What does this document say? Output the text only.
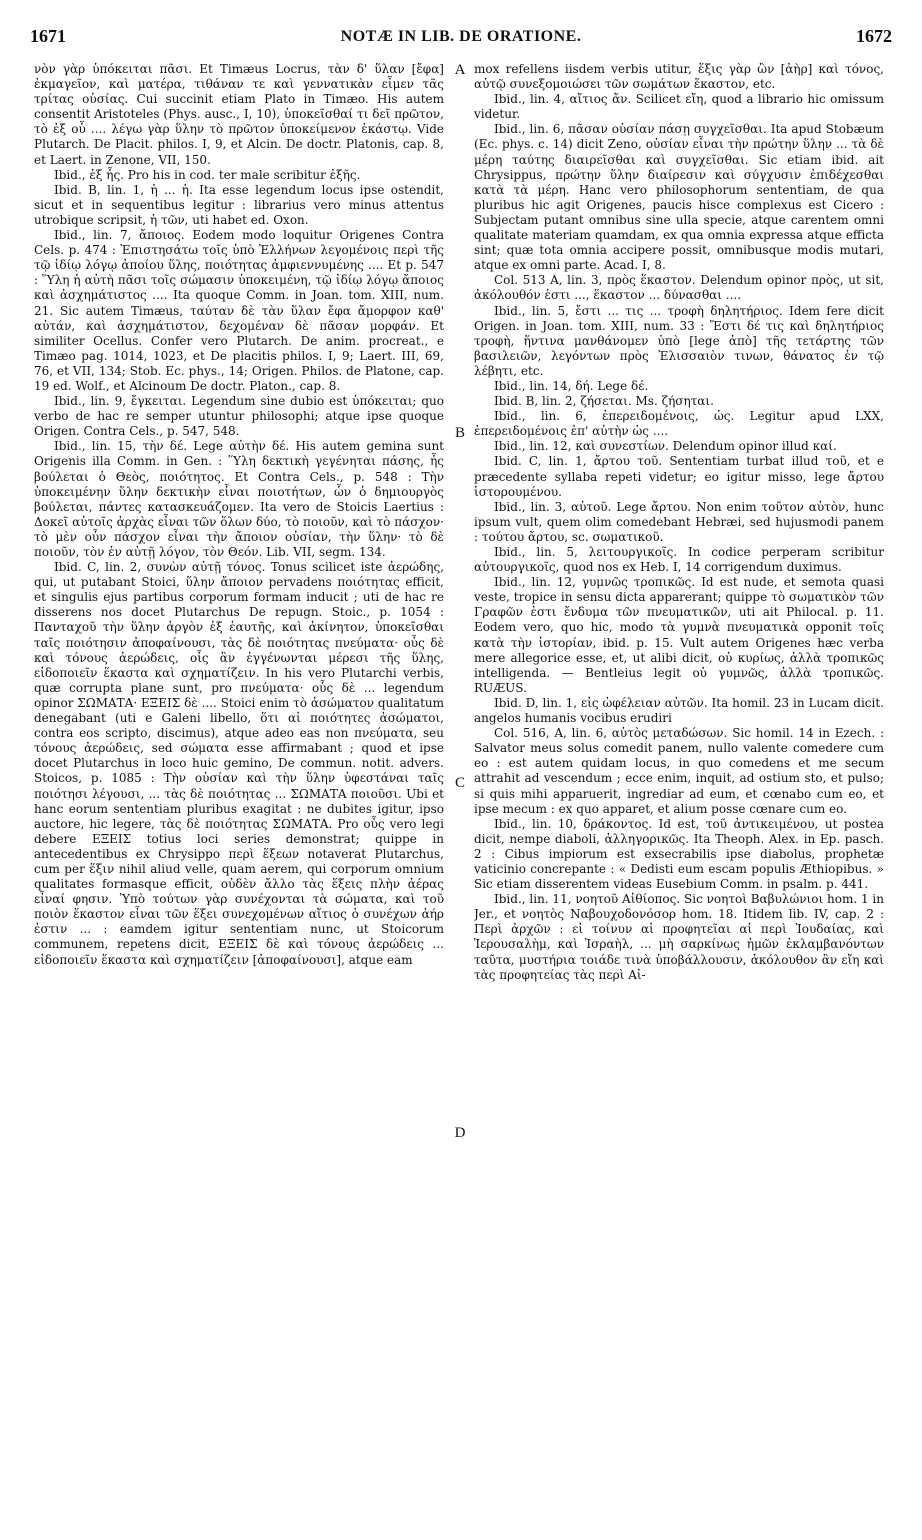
1671	NOTÆ IN LIB. DE ORATIONE.	1672

νὸν γὰρ ὑπόκειται πᾶσι. Et Timæus Locrus, τὰν δ' ὕλαν [ἔφα] ἐκμαγεῖον, καὶ ματέρα, τιθάναν τε καὶ γεννατικὰν εἶμεν τᾶς τρίτας οὐσίας. Cui succinit etiam Plato in Timæo. His autem consentit Aristoteles (Phys. ausc., I, 10), ὑποκεῖσθαί τι δεῖ πρῶτον, τὸ ἐξ οὗ .... λέγω γὰρ ὕλην τὸ πρῶτον ὑποκείμενον ἑκάστῳ. Vide Plutarch. De Placit. philos. I, 9, et Alcin. De doctr. Platonis, cap. 8, et Laert. in Zenone, VII, 150.

Ibid., ἐξ ἧς. Pro his in cod. ter male scribitur ἐξῆς.

Ibid. B, lin. 1, ἡ ... ἡ. Ita esse legendum locus ipse ostendit, sicut et in sequentibus legitur : librarius vero minus attentus utrobique scripsit, ἡ τῶν, uti habet ed. Oxon.

Ibid., lin. 7, ἄποιος. Eodem modo loquitur Origenes Contra Cels. p. 474 : Ἐπιστησάτω τοῖς ὑπὸ Ἑλλήνων λεγομένοις περὶ τῆς τῷ ἰδίῳ λόγῳ ἀποίου ὕλης, ποιότητας ἀμφιεννυμένης .... Et p. 547 : Ὕλη ἡ αὐτὴ πᾶσι τοῖς σώμασιν ὑποκειμένη, τῷ ἰδίῳ λόγῳ ἄποιος καὶ ἀσχημάτιστος .... Ita quoque Comm. in Joan. tom. XIII, num. 21. Sic autem Timæus, ταύταν δὲ τὰν ὕλαν ἔφα ἄμορφον καθ' αὑτάν, καὶ ἀσχημάτιστον, δεχομέναν δὲ πᾶσαν μορφάν. Et similiter Ocellus. Confer vero Plutarch. De anim. procreat., e Timæo pag. 1014, 1023, et De placitis philos. I, 9; Laert. III, 69, 76, et VII, 134; Stob. Ec. phys., 14; Origen. Philos. de Platone, cap. 19 ed. Wolf., et Alcinoum De doctr. Platon., cap. 8.

Ibid., lin. 9, ἔγκειται. Legendum sine dubio est ὑπόκειται; quo verbo de hac re semper utuntur philosophi; atque ipse quoque Origen. Contra Cels., p. 547, 548.

Ibid., lin. 15, τὴν δέ. Lege αὐτὴν δέ. His autem gemina sunt Origenis illa Comm. in Gen. : Ὕλη δεκτικὴ γεγένηται πάσης, ἧς βούλεται ὁ Θεὸς, ποιότητος. Et Contra Cels., p. 548 : Τὴν ὑποκειμένην ὕλην δεκτικὴν εἶναι ποιοτήτων, ὧν ὁ δημιουργὸς βούλεται, πάντες κατασκευάζομεν. Ita vero de Stoicis Laertius : Δοκεῖ αὐτοῖς ἀρχὰς εἶναι τῶν ὅλων δύο, τὸ ποιοῦν, καὶ τὸ πάσχον· τὸ μὲν οὖν πάσχον εἶναι τὴν ἄποιον οὐσίαν, τὴν ὕλην· τὸ δὲ ποιοῦν, τὸν ἐν αὐτῇ λόγον, τὸν Θεόν. Lib. VII, segm. 134.

Ibid. C, lin. 2, συνὼν αὐτῇ τόνος. Tonus scilicet iste ἀερώδης, qui, ut putabant Stoici, ὕλην ἄποιον pervadens ποιότητας efficit, et singulis ejus partibus corporum formam inducit ; uti de hac re disserens nos docet Plutarchus De repugn. Stoic., p. 1054 : Πανταχοῦ τὴν ὕλην ἀργὸν ἐξ ἑαυτῆς, καὶ ἀκίνητον, ὑποκεῖσθαι ταῖς ποιότησιν ἀποφαίνουσι, τὰς δὲ ποιότητας πνεύματα· οὗς δὲ καὶ τόνους ἀερώδεις, οἷς ἂν ἐγγένωνται μέρεσι τῆς ὕλης, εἰδοποιεῖν ἕκαστα καὶ σχηματίζειν. In his vero Plutarchi verbis, quæ corrupta plane sunt, pro πνεύματα· οὗς δὲ ... legendum opinor ΣΩΜΑΤΑ· ΕΞΕΙΣ δὲ .... Stoici enim τὸ ἀσώματον qualitatum denegabant (uti e Galeni libello, ὅτι αἱ ποιότητες ἀσώματοι, contra eos scripto, discimus), atque adeo eas non πνεύματα, seu τόνους ἀερώδεις, sed σώματα esse affirmabant ; quod et ipse docet Plutarchus in loco huic gemino, De commun. notit. advers. Stoicos, p. 1085 : Τὴν οὐσίαν καὶ τὴν ὕλην ὑφεστάναι ταῖς ποιότησι λέγουσι, ... τὰς δὲ ποιότητας ... ΣΩΜΑΤΑ ποιοῦσι. Ubi et hanc eorum sententiam pluribus exagitat : ne dubites igitur, ipso auctore, hic legere, τὰς δὲ ποιότητας ΣΩΜΑΤΑ. Pro οὗς vero legi debere ΕΞΕΙΣ totius loci series demonstrat; quippe in antecedentibus ex Chrysippo περὶ ἕξεων notaverat Plutarchus, cum per ἕξιν nihil aliud velle, quam aerem, qui corporum omnium qualitates formasque efficit, οὐδὲν ἄλλο τὰς ἕξεις πλὴν ἀέρας εἶναί φησιν. Ὑπὸ τούτων γὰρ συνέχονται τὰ σώματα, καὶ τοῦ ποιὸν ἕκαστον εἶναι τῶν ἕξει συνεχομένων αἴτιος ὁ συνέχων ἀήρ ἐστιν ... : eamdem igitur sententiam nunc, ut Stoicorum communem, repetens dicit, ΕΞΕΙΣ δὲ καὶ τόνους ἀερώδεις ... εἰδοποιεῖν ἕκαστα καὶ σχηματίζειν [ἀποφαίνουσι], atque eam

A
B
C
D

mox refellens iisdem verbis utitur, ἕξις γὰρ ὢν [ἀὴρ] καὶ τόνος, αὐτῷ συνεξομοιώσει τῶν σωμάτων ἕκαστον, etc.

Ibid., lin. 4, αἴτιος ἄν. Scilicet εἴη, quod a librario hic omissum videtur.

Ibid., lin. 6, πᾶσαν οὐσίαν πάσῃ συγχεῖσθαι. Ita apud Stobæum (Ec. phys. c. 14) dicit Zeno, οὐσίαν εἶναι τὴν πρώτην ὕλην ... τὰ δὲ μέρη ταύτης διαιρεῖσθαι καὶ συγχεῖσθαι. Sic etiam ibid. ait Chrysippus, πρώτην ὕλην διαίρεσιν καὶ σύγχυσιν ἐπιδέχεσθαι κατὰ τὰ μέρη. Hanc vero philosophorum sententiam, de qua pluribus hic agit Origenes, paucis hisce complexus est Cicero : Subjectam putant omnibus sine ulla specie, atque carentem omni qualitate materiam quamdam, ex qua omnia expressa atque efficta sint; quæ tota omnia accipere possit, omnibusque modis mutari, atque ex omni parte. Acad. I, 8.

Col. 513 A, lin. 3, πρὸς ἕκαστον. Delendum opinor πρὸς, ut sit, ἀκόλουθόν ἐστι ..., ἕκαστον ... δύνασθαι ....

Ibid., lin. 5, ἔστι ... τις ... τροφὴ δηλητήριος. Idem fere dicit Origen. in Joan. tom. XIII, num. 33 : Ἔστι δέ τις καὶ δηλητήριος τροφὴ, ἥντινα μανθάνομεν ὑπὸ [lege ἀπὸ] τῆς τετάρτης τῶν βασιλειῶν, λεγόντων πρὸς Ἐλισσαιὸν τινων, θάνατος ἐν τῷ λέβητι, etc.

Ibid., lin. 14, δή. Lege δέ.

Ibid. B, lin. 2, ζήσεται. Ms. ζήσηται.

Ibid., lin. 6, ἐπερειδομένοις, ὡς. Legitur apud LXX, ἐπερειδομένοις ἐπ' αὐτὴν ὡς ....

Ibid., lin. 12, καὶ συνεστίων. Delendum opinor illud καί.

Ibid. C, lin. 1, ἄρτου τοῦ. Sententiam turbat illud τοῦ, et e præcedente syllaba repeti videtur; eo igitur misso, lege ἄρτου ἱστορουμένου.

Ibid., lin. 3, αὐτοῦ. Lege ἄρτου. Non enim τοῦτον αὐτὸν, hunc ipsum vult, quem olim comedebant Hebræi, sed hujusmodi panem : τούτου ἄρτου, sc. σωματικοῦ.

Ibid., lin. 5, λειτουργικοῖς. In codice perperam scribitur αὐτουργικοῖς, quod nos ex Heb. I, 14 corrigendum duximus.

Ibid., lin. 12, γυμνῶς τροπικῶς. Id est nude, et semota quasi veste, tropice in sensu dicta apparerant; quippe τὸ σωματικὸν τῶν Γραφῶν ἐστι ἔνδυμα τῶν πνευματικῶν, uti ait Philocal. p. 11. Eodem vero, quo hic, modo τὰ γυμνὰ πνευματικὰ opponit τοῖς κατὰ τὴν ἱστορίαν, ibid. p. 15. Vult autem Origenes hæc verba mere allegorice esse, et, ut alibi dicit, οὐ κυρίως, ἀλλὰ τροπικῶς intelligenda. — Bentleius legit οὐ γυμνῶς, ἀλλὰ τροπικῶς. RUÆUS.

Ibid. D, lin. 1, εἰς ὠφέλειαν αὐτῶν. Ita homil. 23 in Lucam dicit. angelos humanis vocibus erudiri

Col. 516, A, lin. 6, αὐτὸς μεταδώσων. Sic homil. 14 in Ezech. : Salvator meus solus comedit panem, nullo valente comedere cum eo : est autem quidam locus, in quo comedens et me secum attrahit ad vescendum ; ecce enim, inquit, ad ostium sto, et pulso; si quis mihi apparuerit, ingrediar ad eum, et cœnabo cum eo, et ipse mecum : ex quo apparet, et alium posse cœnare cum eo.

Ibid., lin. 10, δράκοντος. Id est, τοῦ ἀντικειμένου, ut postea dicit, nempe diaboli, ἀλληγορικῶς. Ita Theoph. Alex. in Ep. pasch. 2 : Cibus impiorum est exsecrabilis ipse diabolus, prophetæ vaticinio concrepante : « Dedisti eum escam populis Æthiopibus. » Sic etiam disserentem videas Eusebium Comm. in psalm. p. 441.

Ibid., lin. 11, νοητοῦ Αἰθίοπος. Sic νοητοὶ Βαβυλώνιοι hom. 1 in Jer., et νοητὸς Ναβουχοδονόσορ hom. 18. Itidem lib. IV, cap. 2 : Περὶ ἀρχῶν : εἰ τοίνυν αἱ προφητεῖαι αἱ περὶ Ἰουδαίας, καὶ Ἱερουσαλὴμ, καὶ Ἰσραὴλ, ... μὴ σαρκίνως ἡμῶν ἐκλαμβανόντων ταῦτα, μυστήρια τοιάδε τινὰ ὑποβάλλουσιν, ἀκόλουθον ἂν εἴη καὶ τὰς προφητείας τὰς περὶ Αἰ-
